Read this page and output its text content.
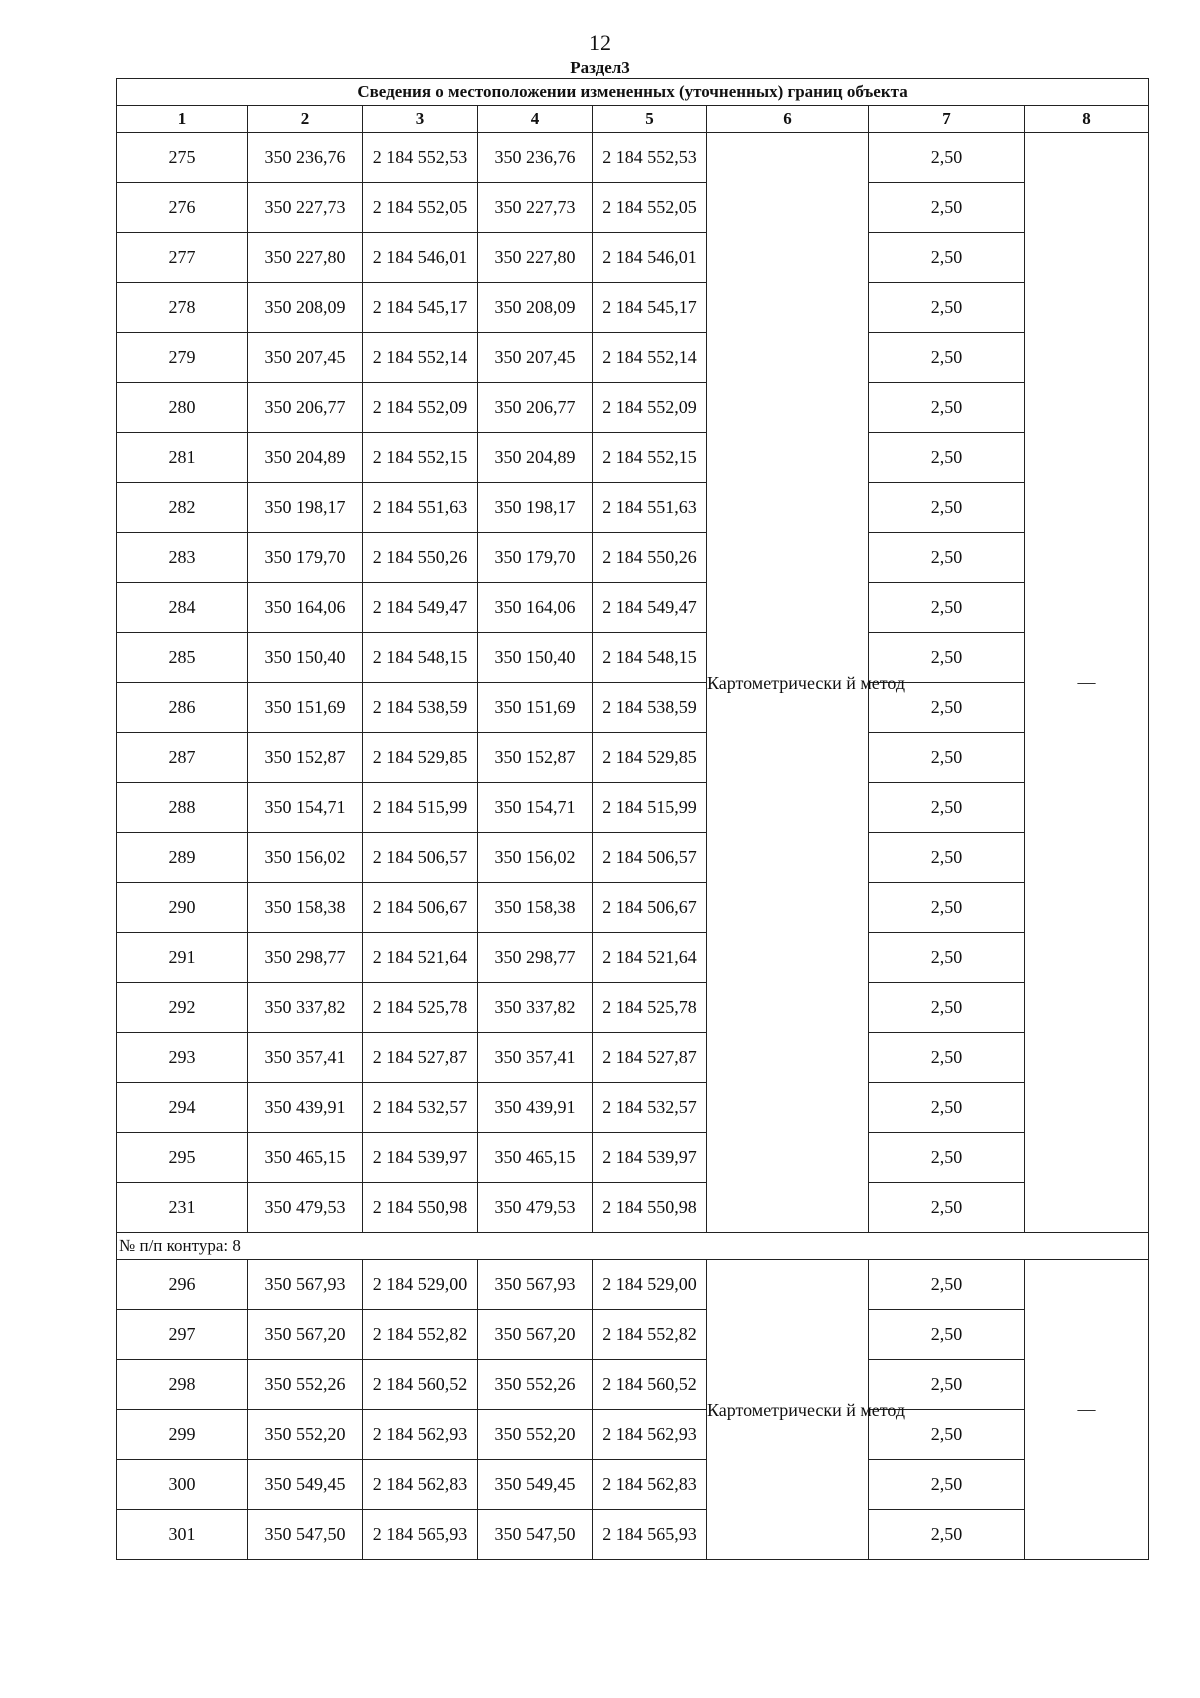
12
Раздел3
Сведения о местоположении измененных (уточненных) границ объекта							
1	2	3	4	5	6	7	8
275	350 236,76	2 184 552,53	350 236,76	2 184 552,53	Картометрически й метод	2,50	—
276	350 227,73	2 184 552,05	350 227,73	2 184 552,05		2,50	
277	350 227,80	2 184 546,01	350 227,80	2 184 546,01		2,50	
278	350 208,09	2 184 545,17	350 208,09	2 184 545,17		2,50	
279	350 207,45	2 184 552,14	350 207,45	2 184 552,14		2,50	
280	350 206,77	2 184 552,09	350 206,77	2 184 552,09		2,50	
281	350 204,89	2 184 552,15	350 204,89	2 184 552,15		2,50	
282	350 198,17	2 184 551,63	350 198,17	2 184 551,63		2,50	
283	350 179,70	2 184 550,26	350 179,70	2 184 550,26		2,50	
284	350 164,06	2 184 549,47	350 164,06	2 184 549,47		2,50	
285	350 150,40	2 184 548,15	350 150,40	2 184 548,15		2,50	
286	350 151,69	2 184 538,59	350 151,69	2 184 538,59		2,50	
287	350 152,87	2 184 529,85	350 152,87	2 184 529,85		2,50	
288	350 154,71	2 184 515,99	350 154,71	2 184 515,99		2,50	
289	350 156,02	2 184 506,57	350 156,02	2 184 506,57		2,50	
290	350 158,38	2 184 506,67	350 158,38	2 184 506,67		2,50	
291	350 298,77	2 184 521,64	350 298,77	2 184 521,64		2,50	
292	350 337,82	2 184 525,78	350 337,82	2 184 525,78		2,50	
293	350 357,41	2 184 527,87	350 357,41	2 184 527,87		2,50	
294	350 439,91	2 184 532,57	350 439,91	2 184 532,57		2,50	
295	350 465,15	2 184 539,97	350 465,15	2 184 539,97		2,50	
231	350 479,53	2 184 550,98	350 479,53	2 184 550,98		2,50	
№ п/п контура: 8							
296	350 567,93	2 184 529,00	350 567,93	2 184 529,00	Картометрически й метод	2,50	—
297	350 567,20	2 184 552,82	350 567,20	2 184 552,82		2,50	
298	350 552,26	2 184 560,52	350 552,26	2 184 560,52		2,50	
299	350 552,20	2 184 562,93	350 552,20	2 184 562,93		2,50	
300	350 549,45	2 184 562,83	350 549,45	2 184 562,83		2,50	
301	350 547,50	2 184 565,93	350 547,50	2 184 565,93		2,50	
